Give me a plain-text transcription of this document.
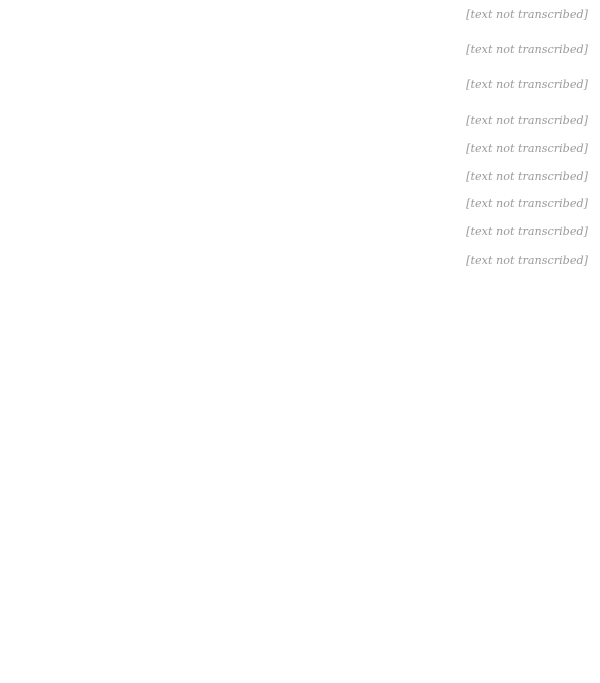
[text not transcribed]

[text not transcribed]

[text not transcribed]

[text not transcribed]

[text not transcribed]

[text not transcribed]

[text not transcribed]

[text not transcribed]

[text not transcribed]
